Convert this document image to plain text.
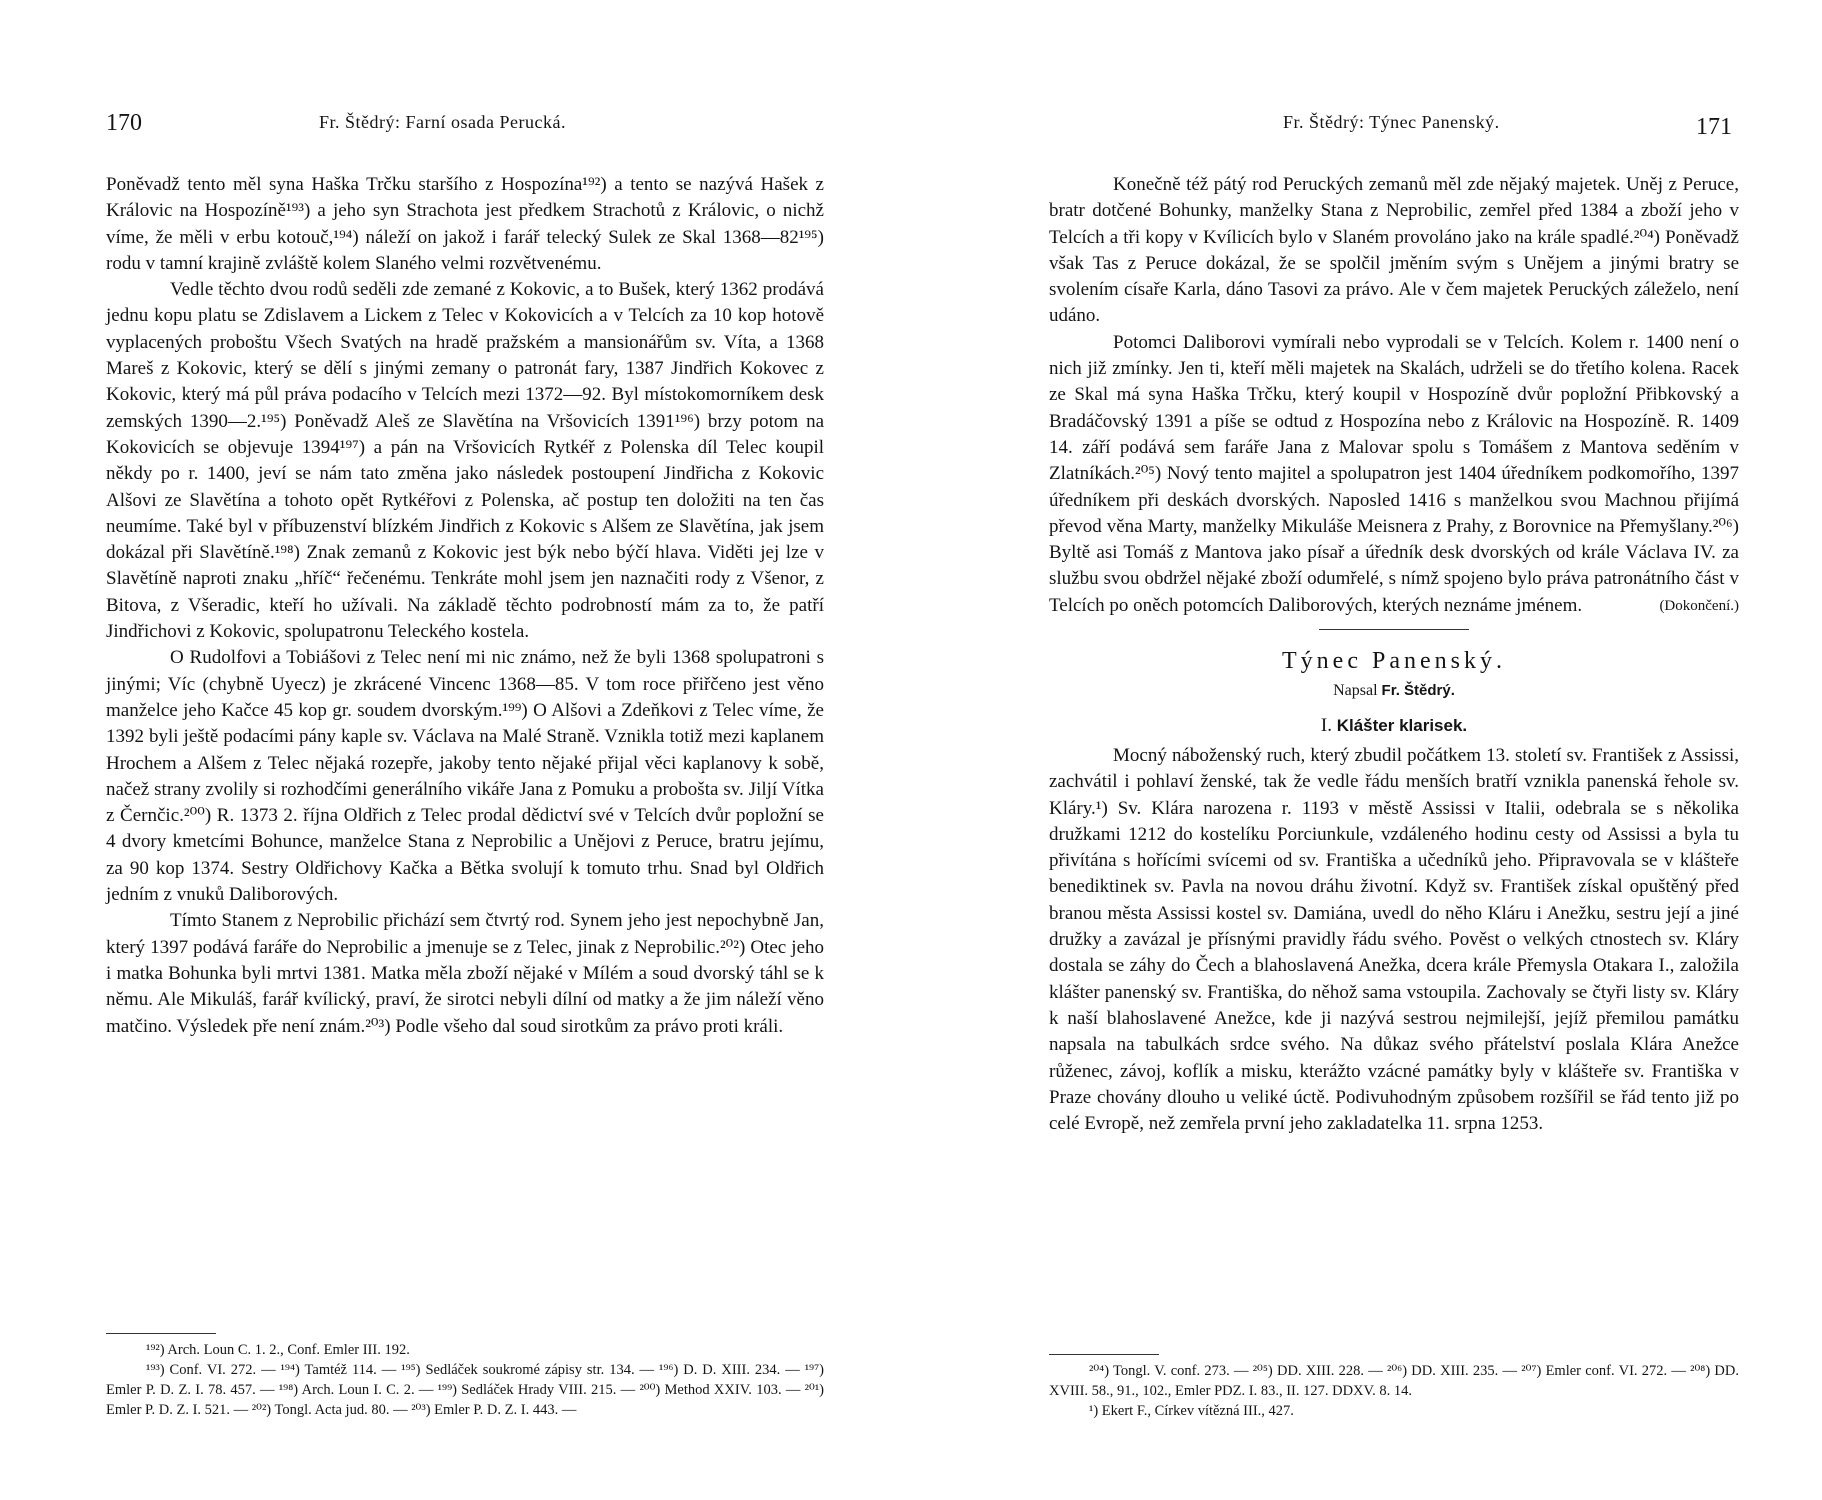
170	Fr. Štědrý: Farní osada Perucká.

Poněvadž tento měl syna Haška Trčku staršího z Hospozína¹⁹²) a tento se nazývá Hašek z Královic na Hospozíně¹⁹³) a jeho syn Strachota jest předkem Strachotů z Královic, o nichž víme, že měli v erbu kotouč,¹⁹⁴) náleží on jakož i farář telecký Sulek ze Skal 1368—82¹⁹⁵) rodu v tamní krajině zvláště kolem Slaného velmi rozvětvenému.

Vedle těchto dvou rodů seděli zde zemané z Kokovic, a to Bušek, který 1362 prodává jednu kopu platu se Zdislavem a Lickem z Telec v Kokovicích a v Telcích za 10 kop hotově vyplacených proboštu Všech Svatých na hradě pražském a mansionářům sv. Víta, a 1368 Mareš z Kokovic, který se dělí s jinými zemany o patronát fary, 1387 Jindřich Kokovec z Kokovic, který má půl práva podacího v Telcích mezi 1372—92. Byl místokomorníkem desk zemských 1390—2.¹⁹⁵) Poněvadž Aleš ze Slavětína na Vršovicích 1391¹⁹⁶) brzy potom na Kokovicích se objevuje 1394¹⁹⁷) a pán na Vršovicích Rytkéř z Polenska díl Telec koupil někdy po r. 1400, jeví se nám tato změna jako následek postoupení Jindřicha z Kokovic Alšovi ze Slavětína a tohoto opět Rytkéřovi z Polenska, ač postup ten doložiti na ten čas neumíme. Také byl v příbuzenství blízkém Jindřich z Kokovic s Alšem ze Slavětína, jak jsem dokázal při Slavětíně.¹⁹⁸) Znak zemanů z Kokovic jest býk nebo býčí hlava. Viděti jej lze v Slavětíně naproti znaku „hříč“ řečenému. Tenkráte mohl jsem jen naznačiti rody z Všenor, z Bitova, z Všeradic, kteří ho užívali. Na základě těchto podrobností mám za to, že patří Jindřichovi z Kokovic, spolupatronu Teleckého kostela.

O Rudolfovi a Tobiášovi z Telec není mi nic známo, než že byli 1368 spolupatroni s jinými; Víc (chybně Uyecz) je zkrácené Vincenc 1368—85. V tom roce přiřčeno jest věno manželce jeho Kačce 45 kop gr. soudem dvorským.¹⁹⁹) O Alšovi a Zdeňkovi z Telec víme, že 1392 byli ještě podacími pány kaple sv. Václava na Malé Straně. Vznikla totiž mezi kaplanem Hrochem a Alšem z Telec nějaká rozepře, jakoby tento nějaké přijal věci kaplanovy k sobě, načež strany zvolily si rozhodčími generálního vikáře Jana z Pomuku a probošta sv. Jiljí Vítka z Černčic.²⁰⁰) R. 1373 2. října Oldřich z Telec prodal dědictví své v Telcích dvůr popložní se 4 dvory kmetcími Bohunce, manželce Stana z Neprobilic a Unějovi z Peruce, bratru jejímu, za 90 kop 1374. Sestry Oldřichovy Kačka a Bětka svolují k tomuto trhu. Snad byl Oldřich jedním z vnuků Daliborových.

Tímto Stanem z Neprobilic přichází sem čtvrtý rod. Synem jeho jest nepochybně Jan, který 1397 podává faráře do Neprobilic a jmenuje se z Telec, jinak z Neprobilic.²⁰²) Otec jeho i matka Bohunka byli mrtvi 1381. Matka měla zboží nějaké v Mílém a soud dvorský táhl se k němu. Ale Mikuláš, farář kvílický, praví, že sirotci nebyli dílní od matky a že jim náleží věno matčino. Výsledek pře není znám.²⁰³) Podle všeho dal soud sirotkům za právo proti králi.

¹⁹²) Arch. Loun C. 1. 2., Conf. Emler III. 192.

¹⁹³) Conf. VI. 272. — ¹⁹⁴) Tamtéž 114. — ¹⁹⁵) Sedláček soukromé zápisy str. 134. — ¹⁹⁶) D. D. XIII. 234. — ¹⁹⁷) Emler P. D. Z. I. 78. 457. — ¹⁹⁸) Arch. Loun I. C. 2. — ¹⁹⁹) Sedláček Hrady VIII. 215. — ²⁰⁰) Method XXIV. 103. — ²⁰¹) Emler P. D. Z. I. 521. — ²⁰²) Tongl. Acta jud. 80. — ²⁰³) Emler P. D. Z. I. 443. —

Fr. Štědrý: Týnec Panenský.	171

Konečně též pátý rod Peruckých zemanů měl zde nějaký majetek. Uněj z Peruce, bratr dotčené Bohunky, manželky Stana z Neprobilic, zemřel před 1384 a zboží jeho v Telcích a tři kopy v Kvílicích bylo v Slaném provoláno jako na krále spadlé.²⁰⁴) Poněvadž však Tas z Peruce dokázal, že se spolčil jměním svým s Unějem a jinými bratry se svolením císaře Karla, dáno Tasovi za právo. Ale v čem majetek Peruckých záleželo, není udáno.

Potomci Daliborovi vymírali nebo vyprodali se v Telcích. Kolem r. 1400 není o nich již zmínky. Jen ti, kteří měli majetek na Skalách, udrželi se do třetího kolena. Racek ze Skal má syna Haška Trčku, který koupil v Hospozíně dvůr popložní Přibkovský a Bradáčovský 1391 a píše se odtud z Hospozína nebo z Královic na Hospozíně. R. 1409 14. září podává sem faráře Jana z Malovar spolu s Tomášem z Mantova seděním v Zlatníkách.²⁰⁵) Nový tento majitel a spolupatron jest 1404 úředníkem podkomořího, 1397 úředníkem při deskách dvorských. Naposled 1416 s manželkou svou Machnou přijímá převod věna Marty, manželky Mikuláše Meisnera z Prahy, z Borovnice na Přemyšlany.²⁰⁶) Byltě asi Tomáš z Mantova jako písař a úředník desk dvorských od krále Václava IV. za službu svou obdržel nějaké zboží odumřelé, s nímž spojeno bylo práva patronátního část v Telcích po oněch potomcích Daliborových, kterých neznáme jménem.	(Dokončení.)

Týnec Panenský.
Napsal Fr. Štědrý.
I. Klášter klarisek.

Mocný náboženský ruch, který zbudil počátkem 13. století sv. František z Assissi, zachvátil i pohlaví ženské, tak že vedle řádu menších bratří vznikla panenská řehole sv. Kláry.¹) Sv. Klára narozena r. 1193 v městě Assissi v Italii, odebrala se s několika družkami 1212 do kostelíku Porciunkule, vzdáleného hodinu cesty od Assissi a byla tu přivítána s hořícími svícemi od sv. Františka a učedníků jeho. Připravovala se v klášteře benediktinek sv. Pavla na novou dráhu životní. Když sv. František získal opuštěný před branou města Assissi kostel sv. Damiána, uvedl do něho Kláru i Anežku, sestru její a jiné družky a zavázal je přísnými pravidly řádu svého. Pověst o velkých ctnostech sv. Kláry dostala se záhy do Čech a blahoslavená Anežka, dcera krále Přemysla Otakara I., založila klášter panenský sv. Františka, do něhož sama vstoupila. Zachovaly se čtyři listy sv. Kláry k naší blahoslavené Anežce, kde ji nazývá sestrou nejmilejší, jejíž přemilou památku napsala na tabulkách srdce svého. Na důkaz svého přátelství poslala Klára Anežce růženec, závoj, koflík a misku, kterážto vzácné památky byly v klášteře sv. Františka v Praze chovány dlouho u veliké úctě. Podivuhodným způsobem rozšířil se řád tento již po celé Evropě, než zemřela první jeho zakladatelka 11. srpna 1253.

²⁰⁴) Tongl. V. conf. 273. — ²⁰⁵) DD. XIII. 228. — ²⁰⁶) DD. XIII. 235. — ²⁰⁷) Emler conf. VI. 272. — ²⁰⁸) DD. XVIII. 58., 91., 102., Emler PDZ. I. 83., II. 127. DDXV. 8. 14.

¹) Ekert F., Církev vítězná III., 427.
